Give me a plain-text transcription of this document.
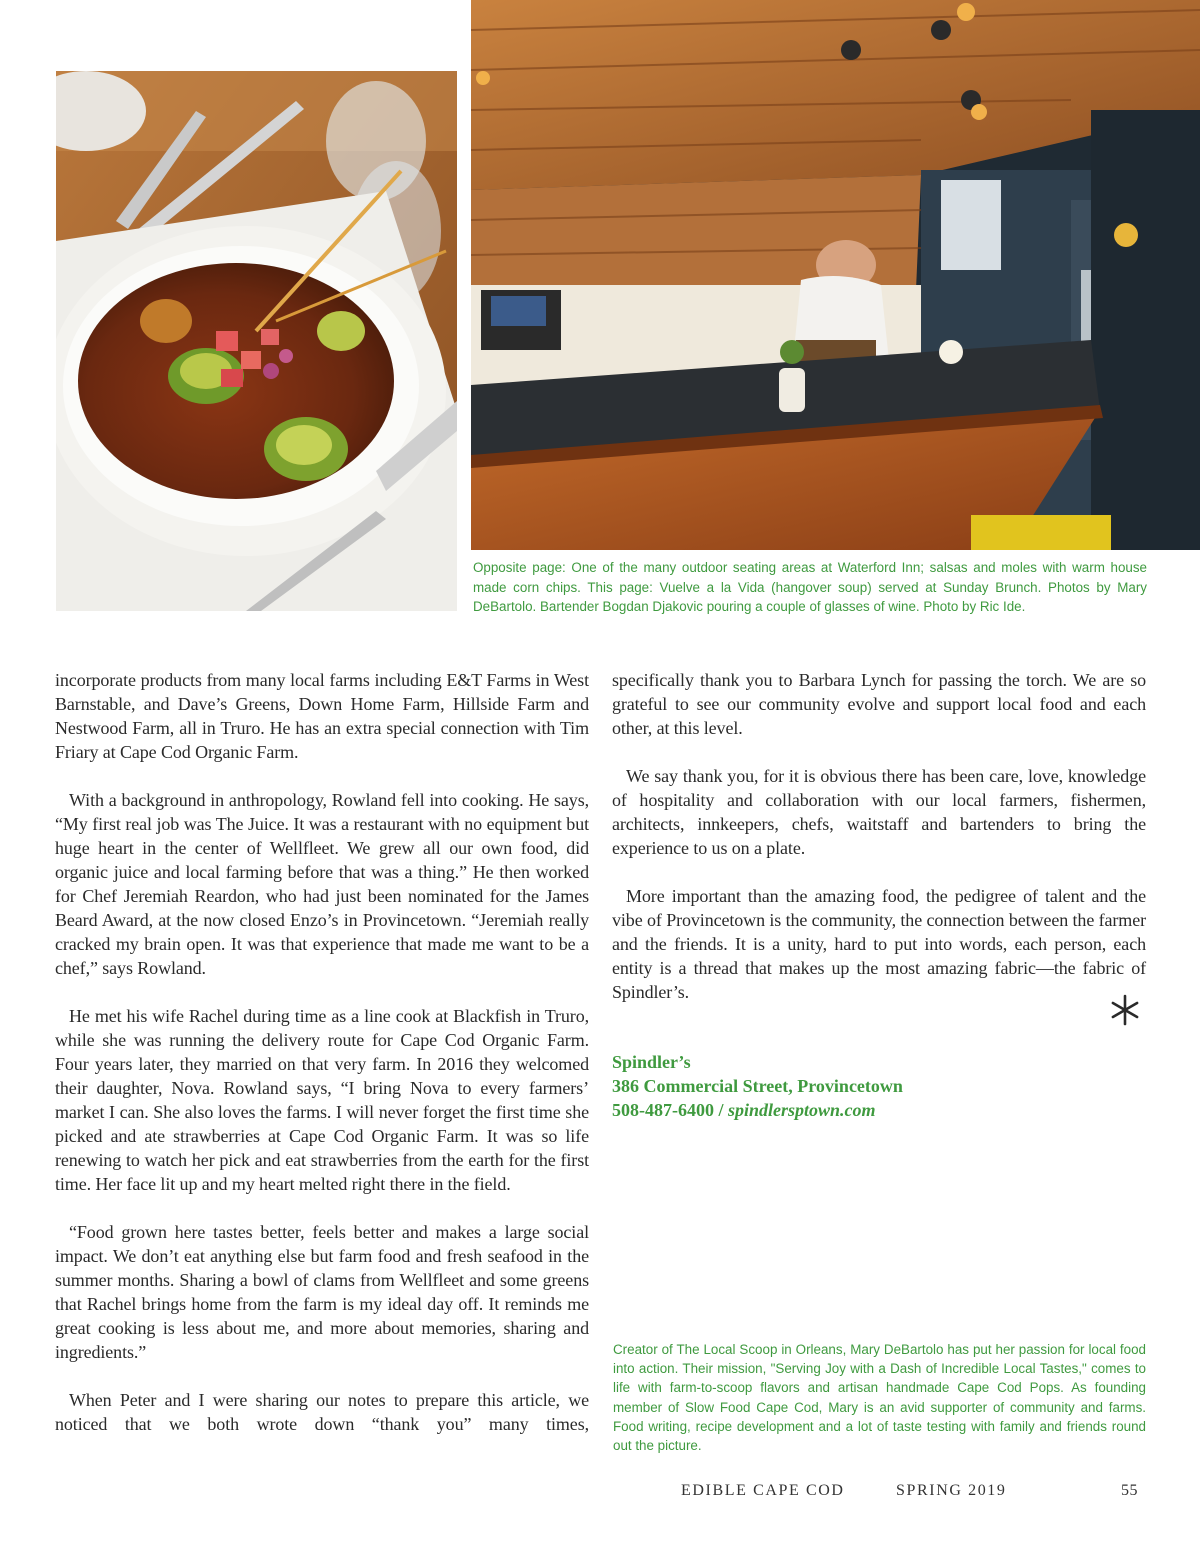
Opposite page: One of the many outdoor seating areas at Waterford Inn; salsas and moles with warm house made corn chips. This page: Vuelve a la Vida (hangover soup) served at Sunday Brunch. Photos by Mary DeBartolo. Bartender Bogdan Djakovic pouring a couple of glasses of wine. Photo by Ric Ide.

incorporate products from many local farms including E&T Farms in West Barnstable, and Dave’s Greens, Down Home Farm, Hillside Farm and Nestwood Farm, all in Truro. He has an extra special connection with Tim Friary at Cape Cod Organic Farm.

With a background in anthropology, Rowland fell into cooking. He says, “My first real job was The Juice. It was a restaurant with no equipment but huge heart in the center of Wellfleet. We grew all our own food, did organic juice and local farming before that was a thing.” He then worked for Chef Jeremiah Reardon, who had just been nominated for the James Beard Award, at the now closed Enzo’s in Provincetown. “Jeremiah really cracked my brain open. It was that experience that made me want to be a chef,” says Rowland.

He met his wife Rachel during time as a line cook at Blackfish in Truro, while she was running the delivery route for Cape Cod Organic Farm. Four years later, they married on that very farm. In 2016 they welcomed their daughter, Nova. Rowland says, “I bring Nova to every farmers’ market I can. She also loves the farms. I will never forget the first time she picked and ate strawberries at Cape Cod Organic Farm. It was so life renewing to watch her pick and eat strawberries from the earth for the first time. Her face lit up and my heart melted right there in the field.

“Food grown here tastes better, feels better and makes a large social impact. We don’t eat anything else but farm food and fresh seafood in the summer months. Sharing a bowl of clams from Wellfleet and some greens that Rachel brings home from the farm is my ideal day off. It reminds me great cooking is less about me, and more about memories, sharing and ingredients.”

When Peter and I were sharing our notes to prepare this article, we noticed that we both wrote down “thank you” many times,

specifically thank you to Barbara Lynch for passing the torch. We are so grateful to see our community evolve and support local food and each other, at this level.

We say thank you, for it is obvious there has been care, love, knowledge of hospitality and collaboration with our local farmers, fishermen, architects, innkeepers, chefs, waitstaff and bartenders to bring the experience to us on a plate.

More important than the amazing food, the pedigree of talent and the vibe of Provincetown is the community, the connection between the farmer and the friends. It is a unity, hard to put into words, each person, each entity is a thread that makes up the most amazing fabric—the fabric of Spindler’s.

Spindler’s
386 Commercial Street, Provincetown
508-487-6400 / spindlersptown.com

Creator of The Local Scoop in Orleans, Mary DeBartolo has put her passion for local food into action. Their mission, "Serving Joy with a Dash of Incredible Local Tastes," comes to life with farm-to-scoop flavors and artisan handmade Cape Cod Pops. As founding member of Slow Food Cape Cod, Mary is an avid supporter of community and farms. Food writing, recipe development and a lot of taste testing with family and friends round out the picture.

EDIBLE CAPE COD	SPRING 2019	55
